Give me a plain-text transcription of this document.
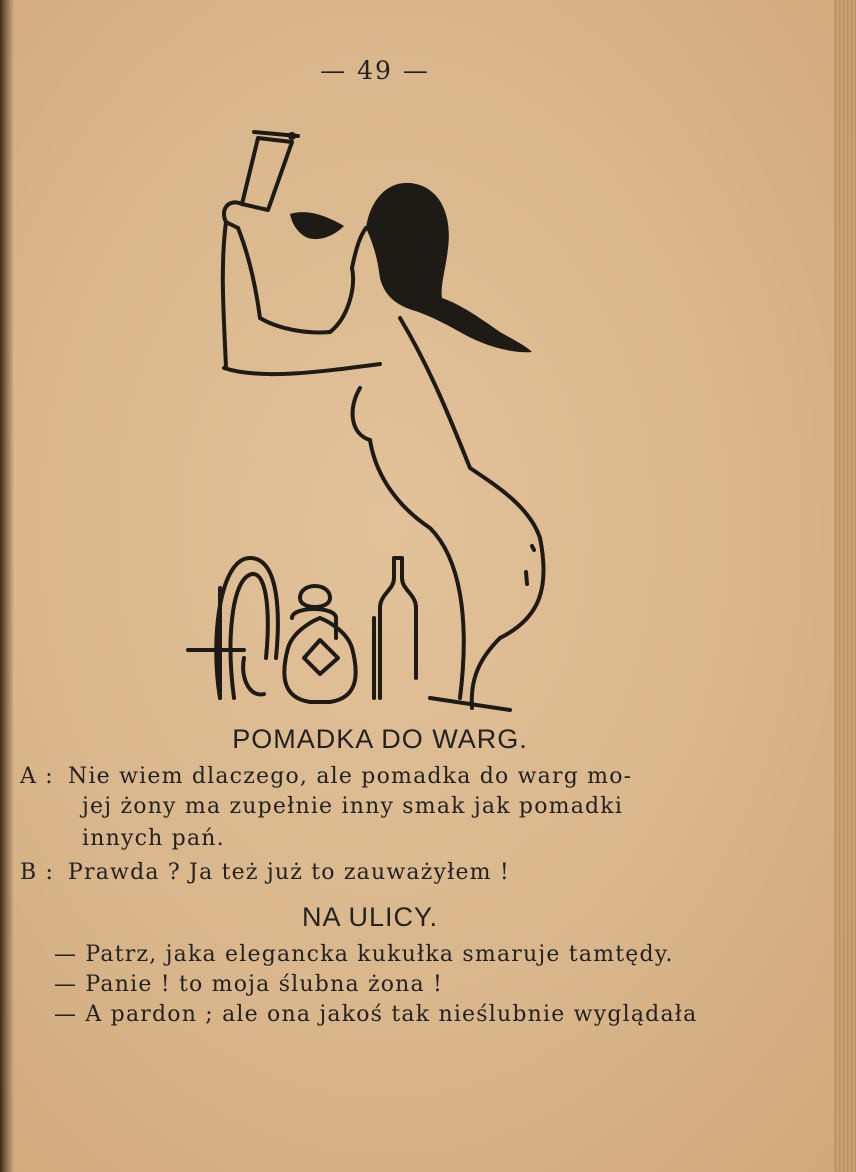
— 49 —
POMADKA DO WARG.
A : Nie wiem dlaczego, ale pomadka do warg mo-
jej żony ma zupełnie inny smak jak pomadki
innych pań.
B : Prawda ? Ja też już to zauważyłem !
NA ULICY.
— Patrz, jaka elegancka kukułka smaruje tamtędy.
— Panie ! to moja ślubna żona !
— A pardon ; ale ona jakoś tak nieślubnie wyglądała
